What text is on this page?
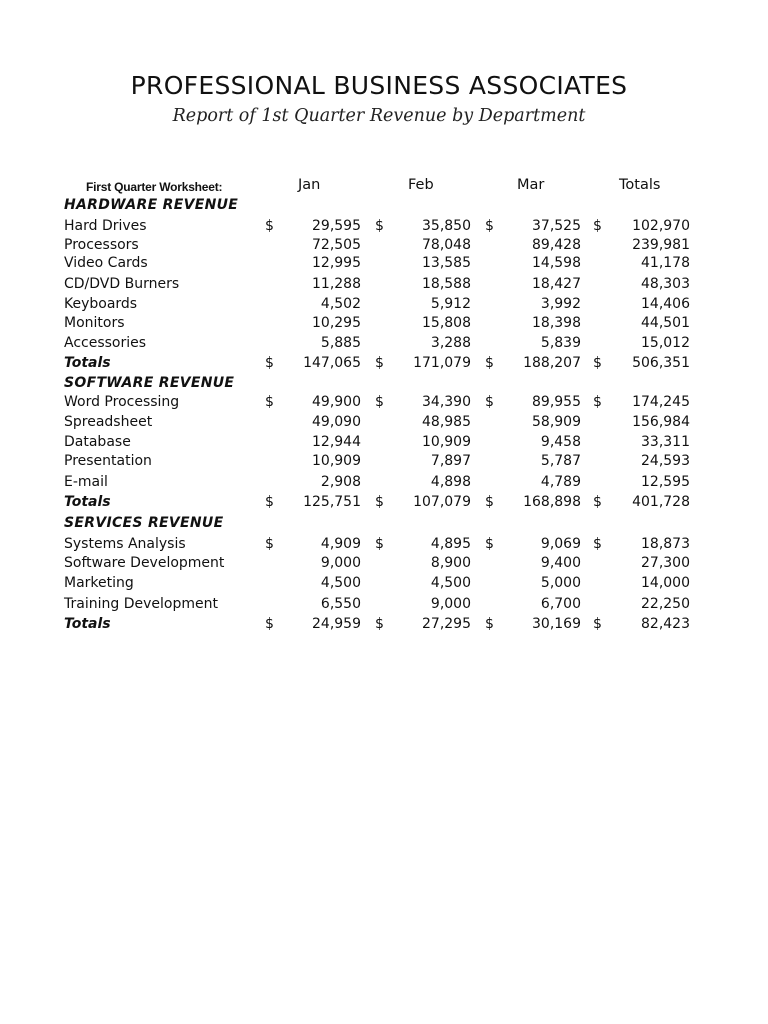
PROFESSIONAL BUSINESS ASSOCIATES
Report of 1st Quarter Revenue by Department
First Quarter Worksheet:	Jan	Feb	Mar	Totals
HARDWARE REVENUE
Hard Drives	$	29,595 $	35,850 $	37,525 $ 102,970
Processors	72,505	78,048	89,428	239,981
Video Cards	12,995	13,585	14,598	41,178
CD/DVD Burners	11,288	18,588	18,427	48,303
Keyboards	4,502	5,912	3,992	14,406
Monitors	10,295	15,808	18,398	44,501
Accessories	5,885	3,288	5,839	15,012
Totals	$ 147,065 $ 171,079 $ 188,207 $ 506,351
SOFTWARE REVENUE
Word Processing	$	49,900 $	34,390 $	89,955 $ 174,245
Spreadsheet	49,090	48,985	58,909	156,984
Database	12,944	10,909	9,458	33,311
Presentation	10,909	7,897	5,787	24,593
E-mail	2,908	4,898	4,789	12,595
Totals	$ 125,751 $ 107,079 $ 168,898 $ 401,728
SERVICES REVENUE
Systems Analysis	$	4,909 $	4,895 $	9,069 $	18,873
Software Development	9,000	8,900	9,400	27,300
Marketing	4,500	4,500	5,000	14,000
Training Development	6,550	9,000	6,700	22,250
Totals	$	24,959 $	27,295 $	30,169 $	82,423
